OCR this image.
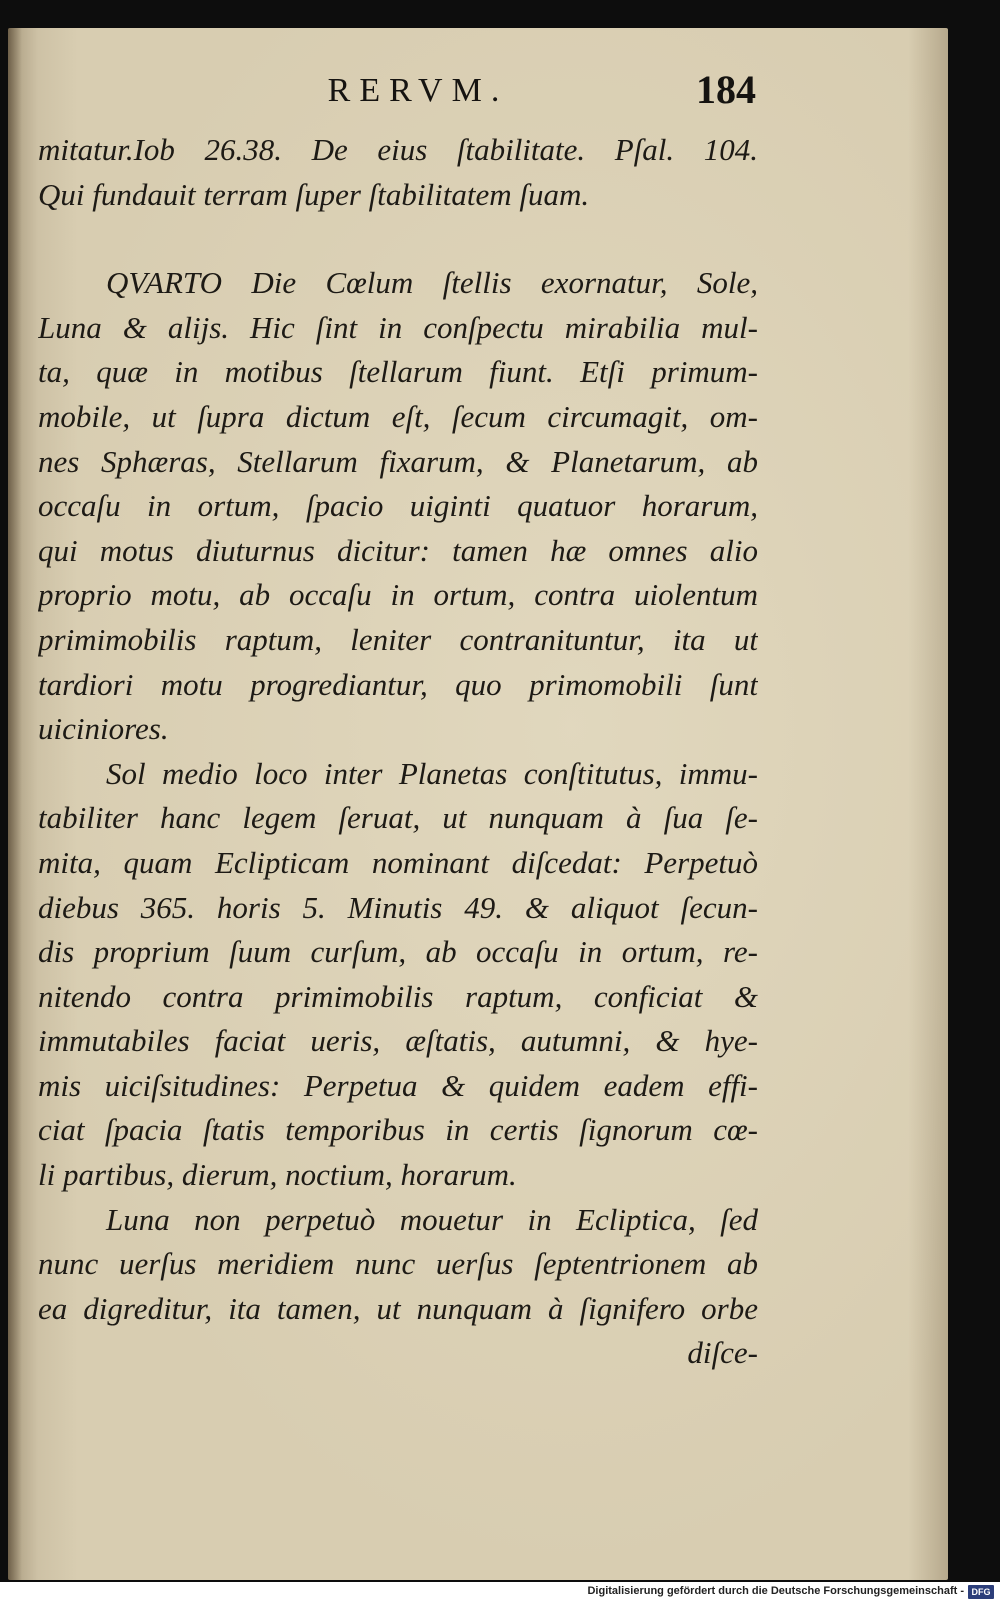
RERVM.	184
mitatur.Iob 26.38. De eius ſtabilitate. Pſal. 104.
Qui fundauit terram ſuper ſtabilitatem ſuam.
QVARTO Die Cœlum ſtellis exornatur, Sole,
Luna & alijs. Hic ſint in conſpectu mirabilia mul-
ta, quæ in motibus ſtellarum fiunt. Etſi primum-
mobile, ut ſupra dictum eſt, ſecum circumagit, om-
nes Sphæras, Stellarum fixarum, & Planetarum, ab
occaſu in ortum, ſpacio uiginti quatuor horarum,
qui motus diuturnus dicitur: tamen hæ omnes alio
proprio motu, ab occaſu in ortum, contra uiolentum
primimobilis raptum, leniter contranituntur, ita ut
tardiori motu progrediantur, quo primomobili ſunt
uiciniores.
Sol medio loco inter Planetas conſtitutus, immu-
tabiliter hanc legem ſeruat, ut nunquam à ſua ſe-
mita, quam Eclipticam nominant diſcedat: Perpetuò
diebus 365. horis 5. Minutis 49. & aliquot ſecun-
dis proprium ſuum curſum, ab occaſu in ortum, re-
nitendo contra primimobilis raptum, conficiat &
immutabiles faciat ueris, æſtatis, autumni, & hye-
mis uiciſsitudines: Perpetua & quidem eadem effi-
ciat ſpacia ſtatis temporibus in certis ſignorum cœ-
li partibus, dierum, noctium, horarum.
Luna non perpetuò mouetur in Ecliptica, ſed
nunc uerſus meridiem nunc uerſus ſeptentrionem ab
ea digreditur, ita tamen, ut nunquam à ſignifero orbe
diſce-
Digitalisierung gefördert durch die Deutsche Forschungsgemeinschaft - DFG
